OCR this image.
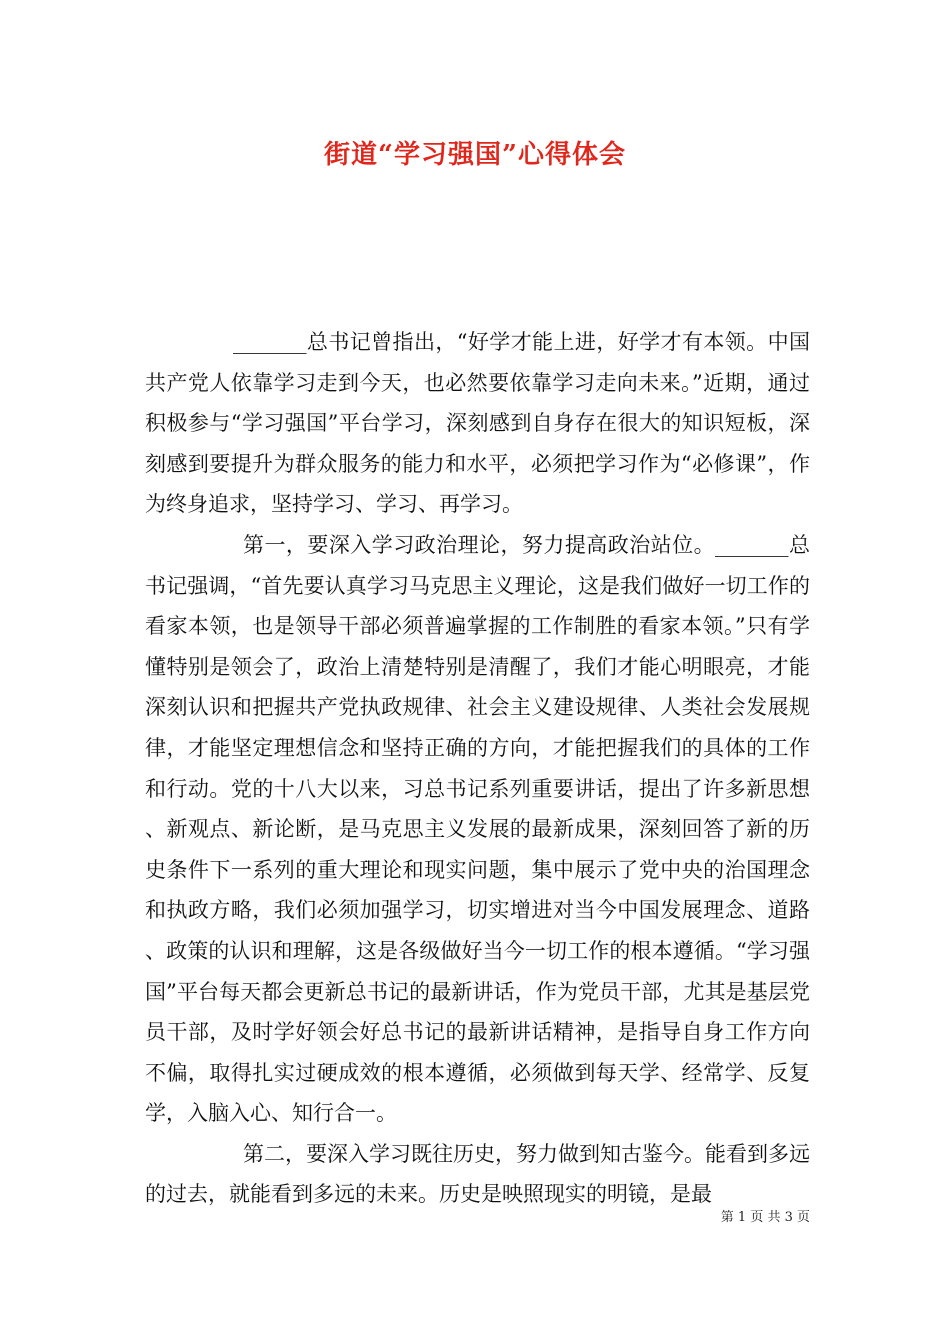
街道“学习强国”心得体会

_______总书记曾指出，“好学才能上进，好学才有本领。中国共产党人依靠学习走到今天，也必然要依靠学习走向未来。”近期，通过积极参与“学习强国”平台学习，深刻感到自身存在很大的知识短板，深刻感到要提升为群众服务的能力和水平，必须把学习作为“必修课”，作为终身追求，坚持学习、学习、再学习。

第一，要深入学习政治理论，努力提高政治站位。_______总书记强调，“首先要认真学习马克思主义理论，这是我们做好一切工作的看家本领，也是领导干部必须普遍掌握的工作制胜的看家本领。”只有学懂特别是领会了，政治上清楚特别是清醒了，我们才能心明眼亮，才能深刻认识和把握共产党执政规律、社会主义建设规律、人类社会发展规律，才能坚定理想信念和坚持正确的方向，才能把握我们的具体的工作和行动。党的十八大以来，习总书记系列重要讲话，提出了许多新思想、新观点、新论断，是马克思主义发展的最新成果，深刻回答了新的历史条件下一系列的重大理论和现实问题，集中展示了党中央的治国理念和执政方略，我们必须加强学习，切实增进对当今中国发展理念、道路、政策的认识和理解，这是各级做好当今一切工作的根本遵循。“学习强国”平台每天都会更新总书记的最新讲话，作为党员干部，尤其是基层党员干部，及时学好领会好总书记的最新讲话精神，是指导自身工作方向不偏，取得扎实过硬成效的根本遵循，必须做到每天学、经常学、反复学，入脑入心、知行合一。

第二，要深入学习既往历史，努力做到知古鉴今。能看到多远的过去，就能看到多远的未来。历史是映照现实的明镜，是最

第 1 页 共 3 页
